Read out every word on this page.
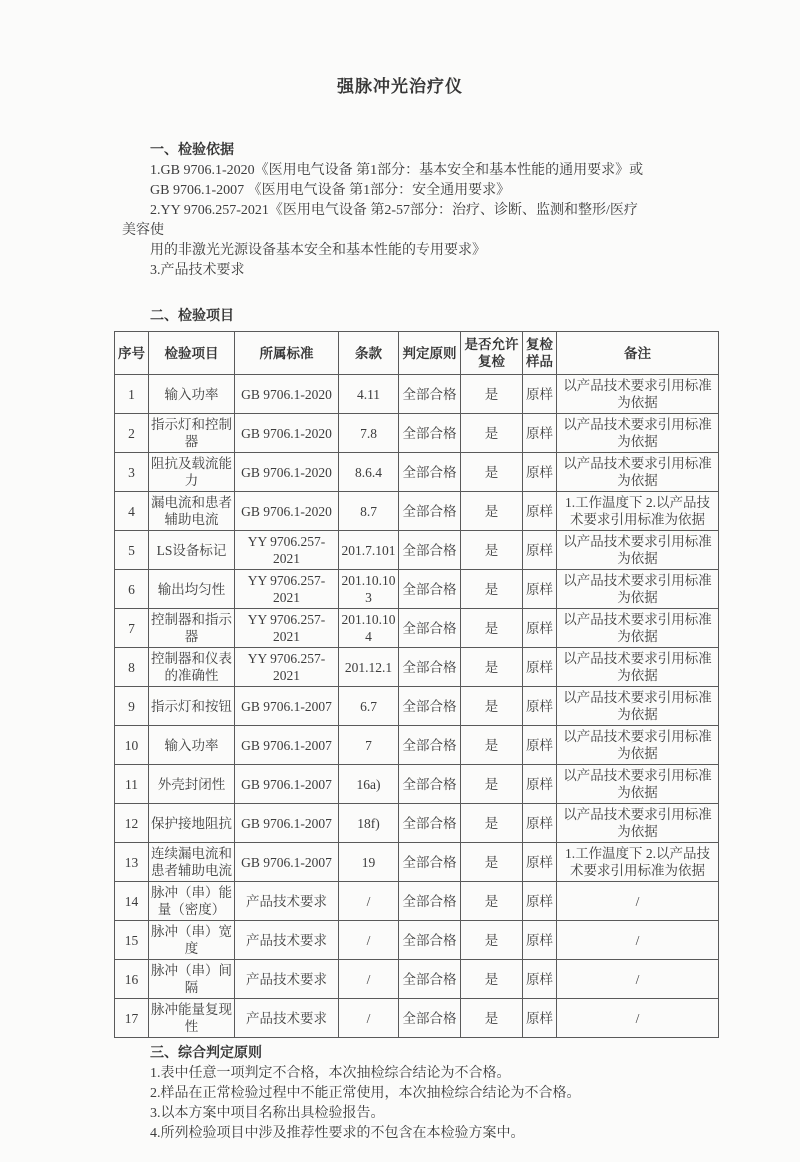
强脉冲光治疗仪
一、检验依据

1.GB 9706.1-2020《医用电气设备 第1部分：基本安全和基本性能的通用要求》或

GB 9706.1-2007 《医用电气设备 第1部分：安全通用要求》

2.YY 9706.257-2021《医用电气设备 第2-57部分：治疗、诊断、监测和整形/医疗

美容使

用的非激光光源设备基本安全和基本性能的专用要求》

3.产品技术要求

二、检验项目
序号	检验项目	所属标准	条款	判定原则	是否允许复检	复检样品	备注
1	输入功率	GB 9706.1-2020	4.11	全部合格	是	原样	以产品技术要求引用标准为依据
2	指示灯和控制器	GB 9706.1-2020	7.8	全部合格	是	原样	以产品技术要求引用标准为依据
3	阻抗及载流能力	GB 9706.1-2020	8.6.4	全部合格	是	原样	以产品技术要求引用标准为依据
4	漏电流和患者辅助电流	GB 9706.1-2020	8.7	全部合格	是	原样	1.工作温度下 2.以产品技术要求引用标准为依据
5	LS设备标记	YY 9706.257-2021	201.7.101	全部合格	是	原样	以产品技术要求引用标准为依据
6	输出均匀性	YY 9706.257-2021	201.10.103	全部合格	是	原样	以产品技术要求引用标准为依据
7	控制器和指示器	YY 9706.257-2021	201.10.104	全部合格	是	原样	以产品技术要求引用标准为依据
8	控制器和仪表的准确性	YY 9706.257-2021	201.12.1	全部合格	是	原样	以产品技术要求引用标准为依据
9	指示灯和按钮	GB 9706.1-2007	6.7	全部合格	是	原样	以产品技术要求引用标准为依据
10	输入功率	GB 9706.1-2007	7	全部合格	是	原样	以产品技术要求引用标准为依据
11	外壳封闭性	GB 9706.1-2007	16a)	全部合格	是	原样	以产品技术要求引用标准为依据
12	保护接地阻抗	GB 9706.1-2007	18f)	全部合格	是	原样	以产品技术要求引用标准为依据
13	连续漏电流和患者辅助电流	GB 9706.1-2007	19	全部合格	是	原样	1.工作温度下 2.以产品技术要求引用标准为依据
14	脉冲（串）能量（密度）	产品技术要求	/	全部合格	是	原样	/
15	脉冲（串）宽度	产品技术要求	/	全部合格	是	原样	/
16	脉冲（串）间隔	产品技术要求	/	全部合格	是	原样	/
17	脉冲能量复现性	产品技术要求	/	全部合格	是	原样	/
三、综合判定原则

1.表中任意一项判定不合格，本次抽检综合结论为不合格。

2.样品在正常检验过程中不能正常使用，本次抽检综合结论为不合格。

3.以本方案中项目名称出具检验报告。

4.所列检验项目中涉及推荐性要求的不包含在本检验方案中。
